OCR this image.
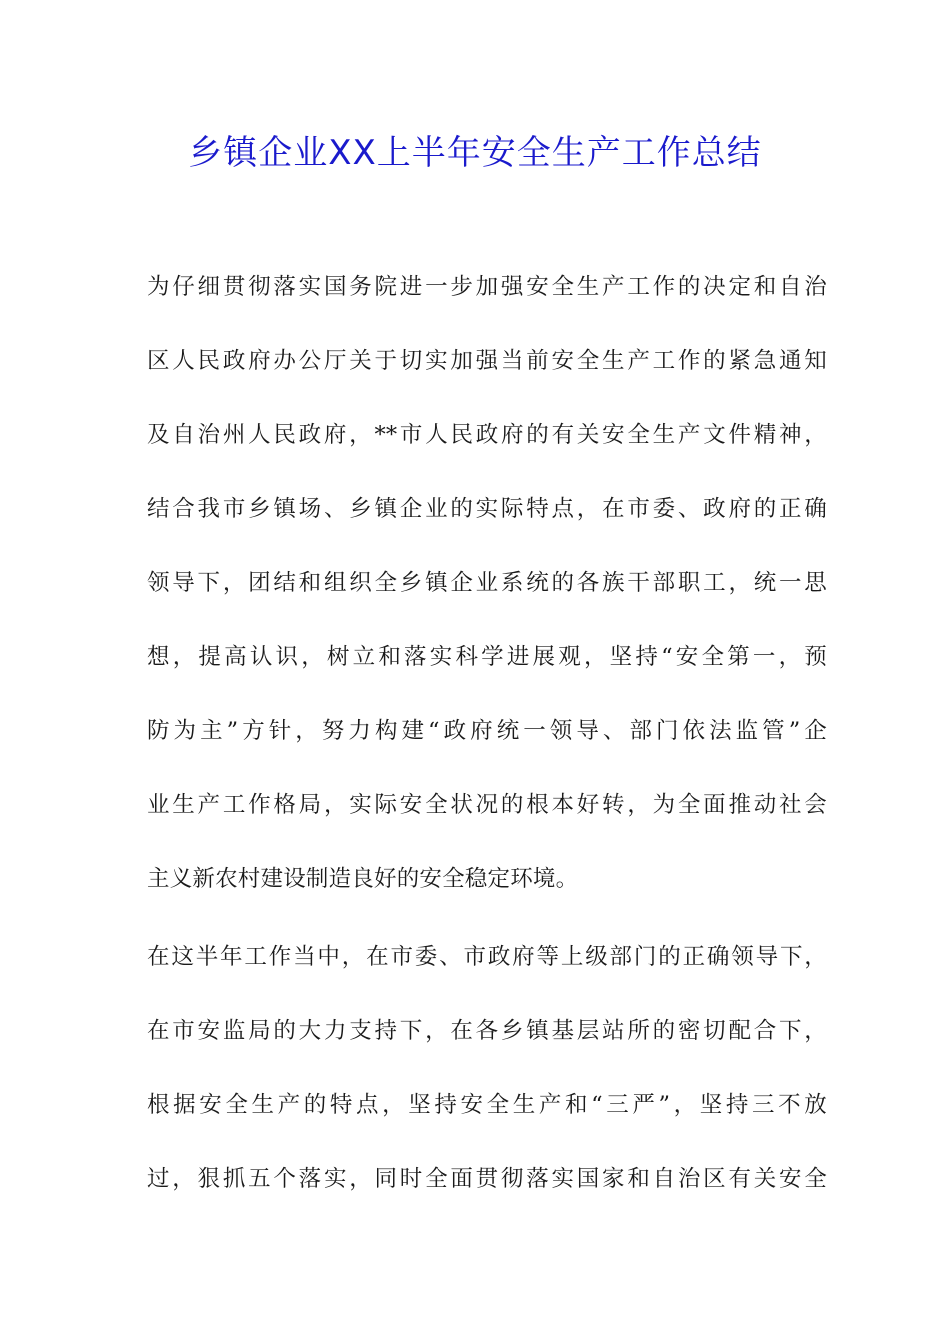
乡镇企业XX上半年安全生产工作总结
为仔细贯彻落实国务院进一步加强安全生产工作的决定和自治
区人民政府办公厅关于切实加强当前安全生产工作的紧急通知
及自治州人民政府，**市人民政府的有关安全生产文件精神，
结合我市乡镇场、乡镇企业的实际特点，在市委、政府的正确
领导下，团结和组织全乡镇企业系统的各族干部职工，统一思
想，提高认识，树立和落实科学进展观，坚持“安全第一，预
防为主”方针，努力构建“政府统一领导、部门依法监管”企
业生产工作格局，实际安全状况的根本好转，为全面推动社会
主义新农村建设制造良好的安全稳定环境。
在这半年工作当中，在市委、市政府等上级部门的正确领导下，
在市安监局的大力支持下，在各乡镇基层站所的密切配合下，
根据安全生产的特点，坚持安全生产和“三严”，坚持三不放
过，狠抓五个落实，同时全面贯彻落实国家和自治区有关安全
